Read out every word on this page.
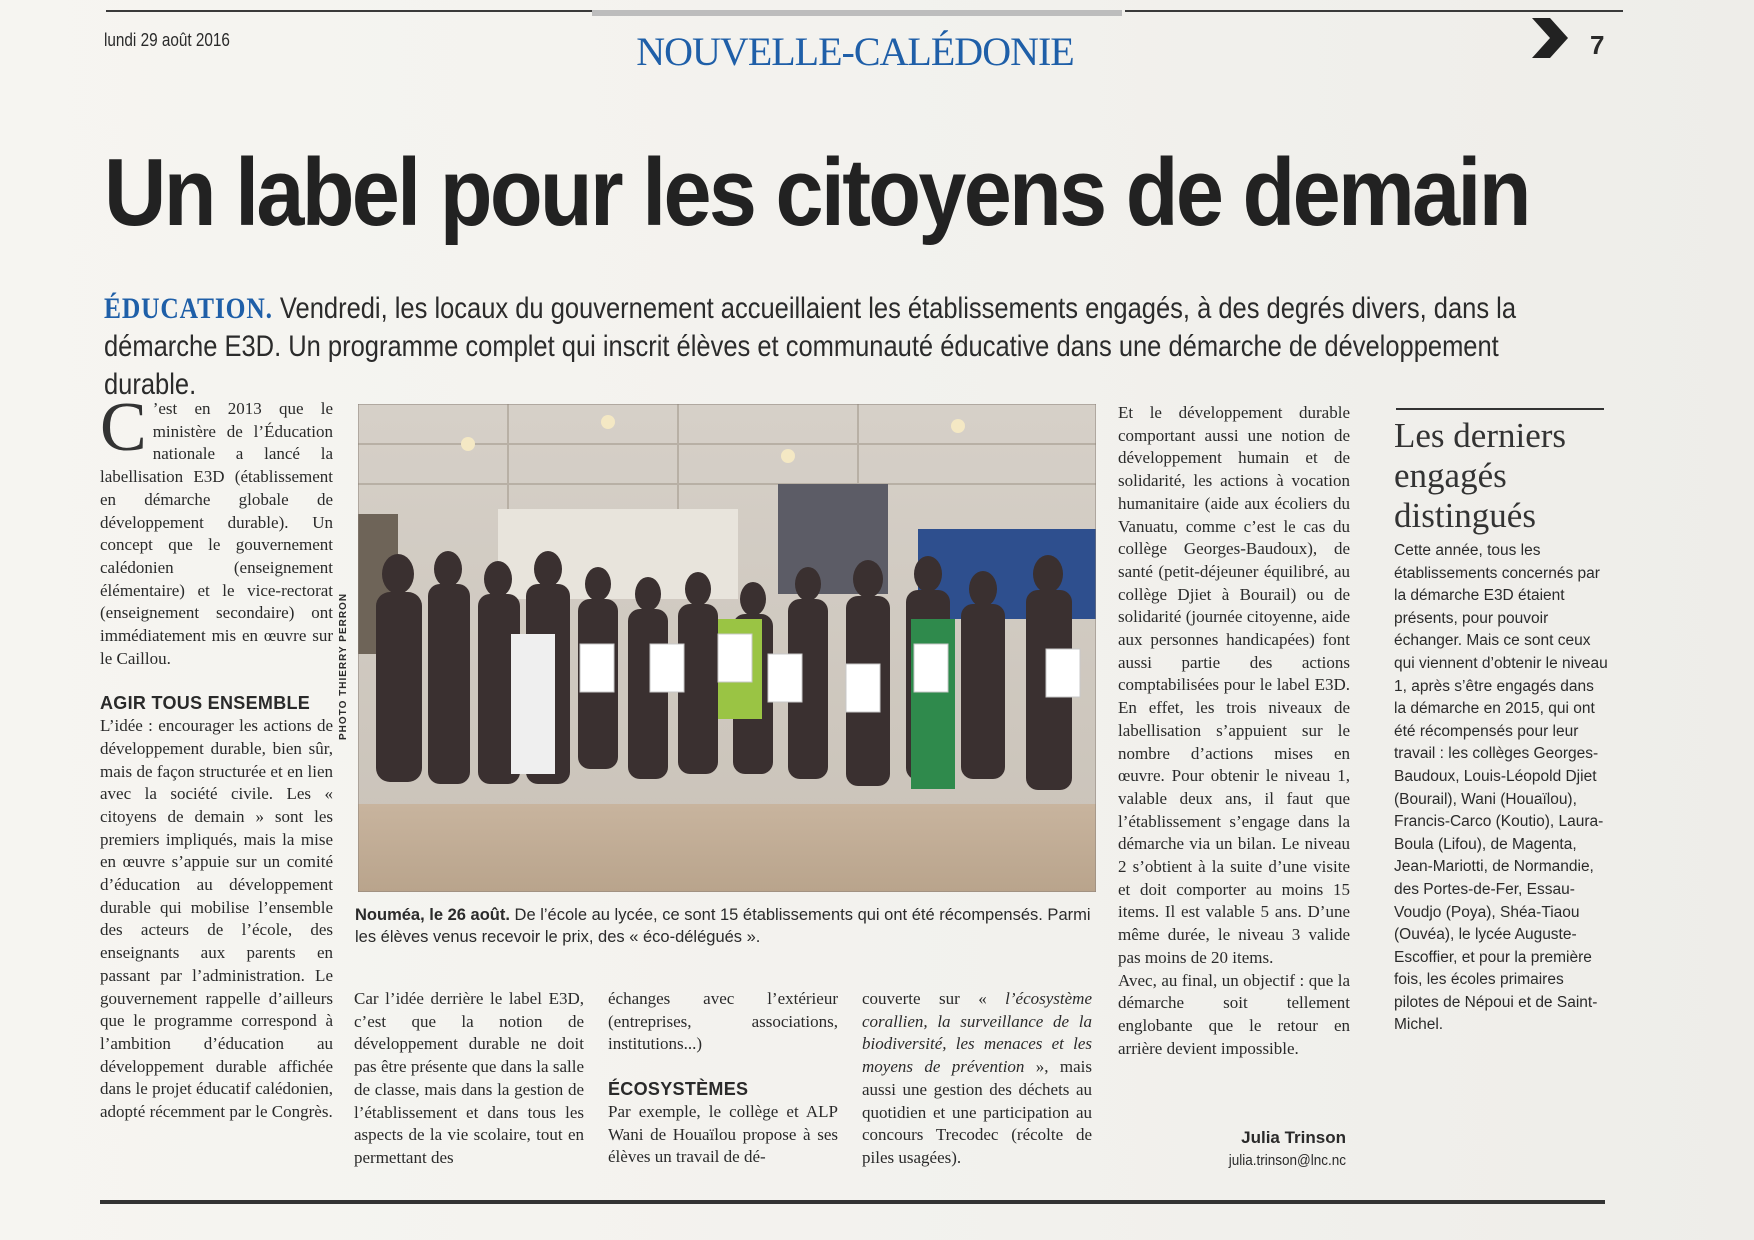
lundi 29 août 2016	NOUVELLE-CALÉDONIE	7
Un label pour les citoyens de demain
ÉDUCATION. Vendredi, les locaux du gouvernement accueillaient les établissements engagés, à des degrés divers, dans la démarche E3D. Un programme complet qui inscrit élèves et communauté éducative dans une démarche de développement durable.

C ’est en 2013 que le ministère de l’Éducation nationale a lancé la labellisation E3D (établissement en démarche globale de développement durable). Un concept que le gouvernement calédonien (enseignement élémentaire) et le vice-rectorat (enseignement secondaire) ont immédiatement mis en œuvre sur le Caillou.

AGIR TOUS ENSEMBLE

L’idée : encourager les actions de développement durable, bien sûr, mais de façon structurée et en lien avec la société civile. Les « citoyens de demain » sont les premiers impliqués, mais la mise en œuvre s’appuie sur un comité d’éducation au développement durable qui mobilise l’ensemble des acteurs de l’école, des enseignants aux parents en passant par l’administration. Le gouvernement rappelle d’ailleurs que le programme correspond à l’ambition d’éducation au développement durable affichée dans le projet éducatif calédonien, adopté récemment par le Congrès.

PHOTO THIERRY PERRON
Nouméa, le 26 août. De l’école au lycée, ce sont 15 établissements qui ont été récompensés. Parmi les élèves venus recevoir le prix, des « éco-délégués ».

Car l’idée derrière le label E3D, c’est que la notion de développement durable ne doit pas être présente que dans la salle de classe, mais dans la gestion de l’établissement et dans tous les aspects de la vie scolaire, tout en permettant des

échanges avec l’extérieur (entreprises, associations, institutions...)

ÉCOSYSTÈMES

Par exemple, le collège et ALP Wani de Houaïlou propose à ses élèves un travail de dé-

couverte sur « l’écosystème corallien, la surveillance de la biodiversité, les menaces et les moyens de prévention », mais aussi une gestion des déchets au quotidien et une participation au concours Trecodec (récolte de piles usagées).

Et le développement durable comportant aussi une notion de développement humain et de solidarité, les actions à vocation humanitaire (aide aux écoliers du Vanuatu, comme c’est le cas du collège Georges-Baudoux), de santé (petit-déjeuner équilibré, au collège Djiet à Bourail) ou de solidarité (journée citoyenne, aide aux personnes handicapées) font aussi partie des actions comptabilisées pour le label E3D. En effet, les trois niveaux de labellisation s’appuient sur le nombre d’actions mises en œuvre. Pour obtenir le niveau 1, valable deux ans, il faut que l’établissement s’engage dans la démarche via un bilan. Le niveau 2 s’obtient à la suite d’une visite et doit comporter au moins 15 items. Il est valable 5 ans. D’une même durée, le niveau 3 valide pas moins de 20 items.

Avec, au final, un objectif : que la démarche soit tellement englobante que le retour en arrière devient impossible.

Julia Trinson
julia.trinson@lnc.nc
Les derniers engagés distingués
Cette année, tous les établissements concernés par la démarche E3D étaient présents, pour pouvoir échanger. Mais ce sont ceux qui viennent d’obtenir le niveau 1, après s’être engagés dans la démarche en 2015, qui ont été récompensés pour leur travail : les collèges Georges-Baudoux, Louis-Léopold Djiet (Bourail), Wani (Houaïlou), Francis-Carco (Koutio), Laura-Boula (Lifou), de Magenta, Jean-Mariotti, de Normandie, des Portes-de-Fer, Essau-Voudjo (Poya), Shéa-Tiaou (Ouvéa), le lycée Auguste-Escoffier, et pour la première fois, les écoles primaires pilotes de Népoui et de Saint-Michel.
